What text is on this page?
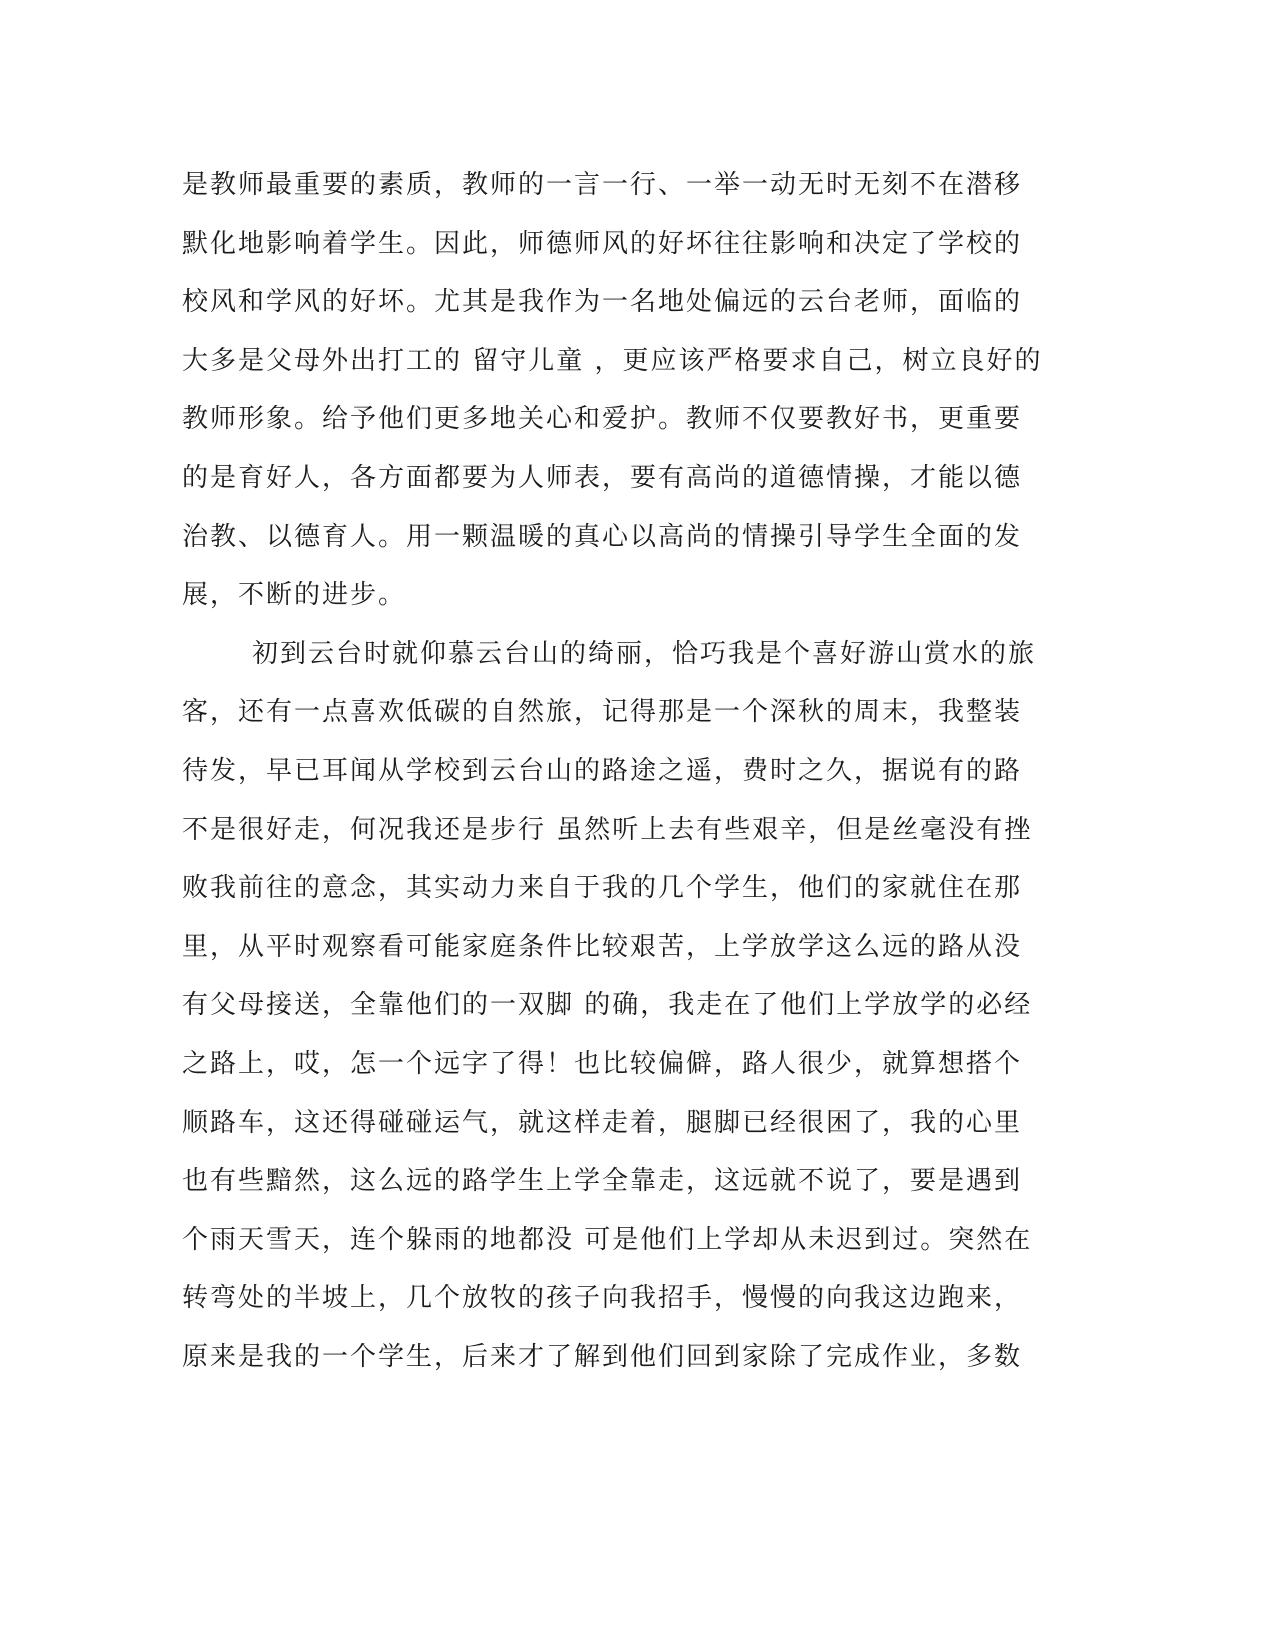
是教师最重要的素质，教师的一言一行、一举一动无时无刻不在潜移
默化地影响着学生。因此，师德师风的好坏往往影响和决定了学校的
校风和学风的好坏。尤其是我作为一名地处偏远的云台老师，面临的
大多是父母外出打工的 留守儿童 ，更应该严格要求自己，树立良好的
教师形象。给予他们更多地关心和爱护。教师不仅要教好书，更重要
的是育好人，各方面都要为人师表，要有高尚的道德情操，才能以德
治教、以德育人。用一颗温暖的真心以高尚的情操引导学生全面的发
展，不断的进步。
初到云台时就仰慕云台山的绮丽，恰巧我是个喜好游山赏水的旅
客，还有一点喜欢低碳的自然旅，记得那是一个深秋的周末，我整装
待发，早已耳闻从学校到云台山的路途之遥，费时之久，据说有的路
不是很好走，何况我还是步行 虽然听上去有些艰辛，但是丝毫没有挫
败我前往的意念，其实动力来自于我的几个学生，他们的家就住在那
里，从平时观察看可能家庭条件比较艰苦，上学放学这么远的路从没
有父母接送，全靠他们的一双脚 的确，我走在了他们上学放学的必经
之路上，哎，怎一个远字了得！也比较偏僻，路人很少，就算想搭个
顺路车，这还得碰碰运气，就这样走着，腿脚已经很困了，我的心里
也有些黯然，这么远的路学生上学全靠走，这远就不说了，要是遇到
个雨天雪天，连个躲雨的地都没 可是他们上学却从未迟到过。突然在
转弯处的半坡上，几个放牧的孩子向我招手，慢慢的向我这边跑来，
原来是我的一个学生，后来才了解到他们回到家除了完成作业，多数
